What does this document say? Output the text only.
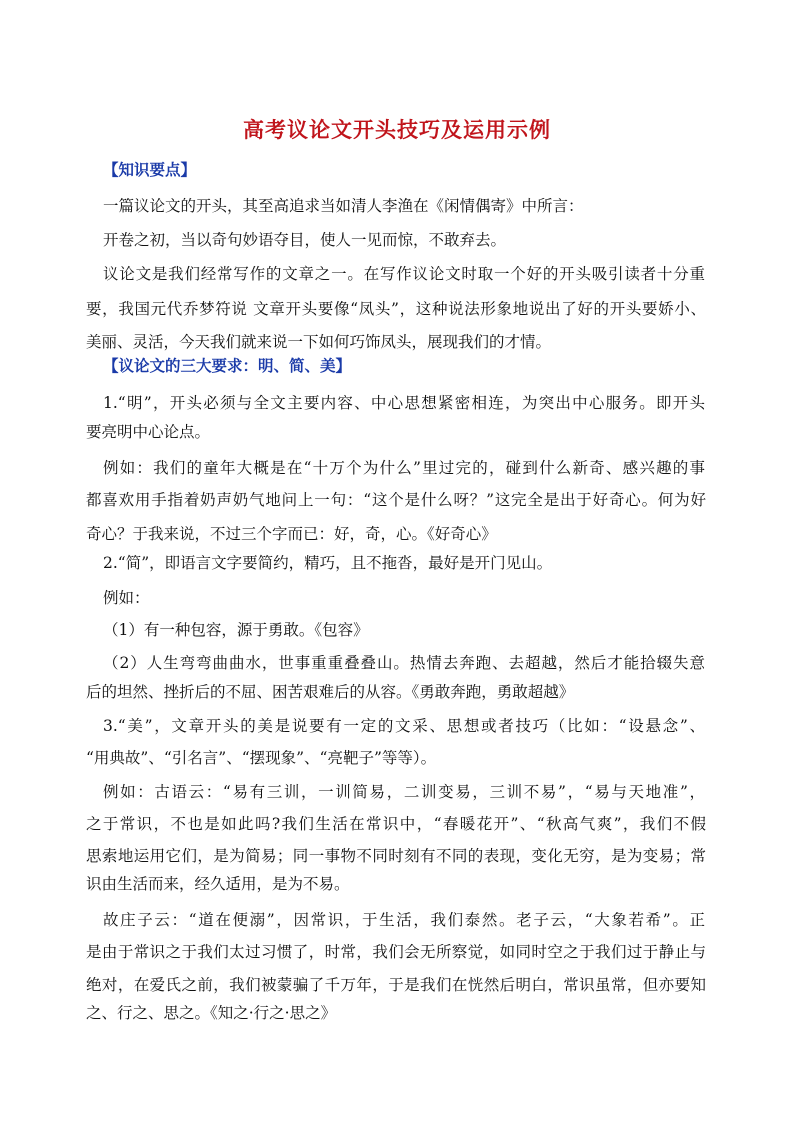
高考议论文开头技巧及运用示例
【知识要点】
一篇议论文的开头，其至高追求当如清人李渔在《闲情偶寄》中所言：
开卷之初，当以奇句妙语夺目，使人一见而惊，不敢弃去。
议论文是我们经常写作的文章之一。在写作议论文时取一个好的开头吸引读者十分重
要，我国元代乔梦符说 文章开头要像“凤头”，这种说法形象地说出了好的开头要娇小、
美丽、灵活，今天我们就来说一下如何巧饰凤头，展现我们的才情。
【议论文的三大要求：明、简、美】
1.“明”，开头必须与全文主要内容、中心思想紧密相连，为突出中心服务。即开头
要亮明中心论点。
例如：我们的童年大概是在“十万个为什么”里过完的，碰到什么新奇、感兴趣的事
都喜欢用手指着奶声奶气地问上一句：“这个是什么呀？”这完全是出于好奇心。何为好
奇心？于我来说，不过三个字而已：好，奇，心。《好奇心》
2.“简”，即语言文字要简约，精巧，且不拖沓，最好是开门见山。
例如：
（1）有一种包容，源于勇敢。《包容》
（2）人生弯弯曲曲水，世事重重叠叠山。热情去奔跑、去超越，然后才能拾辍失意
后的坦然、挫折后的不屈、困苦艰难后的从容。《勇敢奔跑，勇敢超越》
3.“美”，文章开头的美是说要有一定的文采、思想或者技巧（比如：“设悬念”、
“用典故”、“引名言”、“摆现象”、“亮靶子”等等）。
例如：古语云：“易有三训，一训简易，二训变易，三训不易”，“易与天地准”，
之于常识，不也是如此吗?我们生活在常识中，“春暖花开”、“秋高气爽”，我们不假
思索地运用它们，是为简易；同一事物不同时刻有不同的表现，变化无穷，是为变易；常
识由生活而来，经久适用，是为不易。
故庄子云：“道在便溺”，因常识，于生活，我们泰然。老子云，“大象若希”。正
是由于常识之于我们太过习惯了，时常，我们会无所察觉，如同时空之于我们过于静止与
绝对，在爱氏之前，我们被蒙骗了千万年，于是我们在恍然后明白，常识虽常，但亦要知
之、行之、思之。《知之·行之·思之》
